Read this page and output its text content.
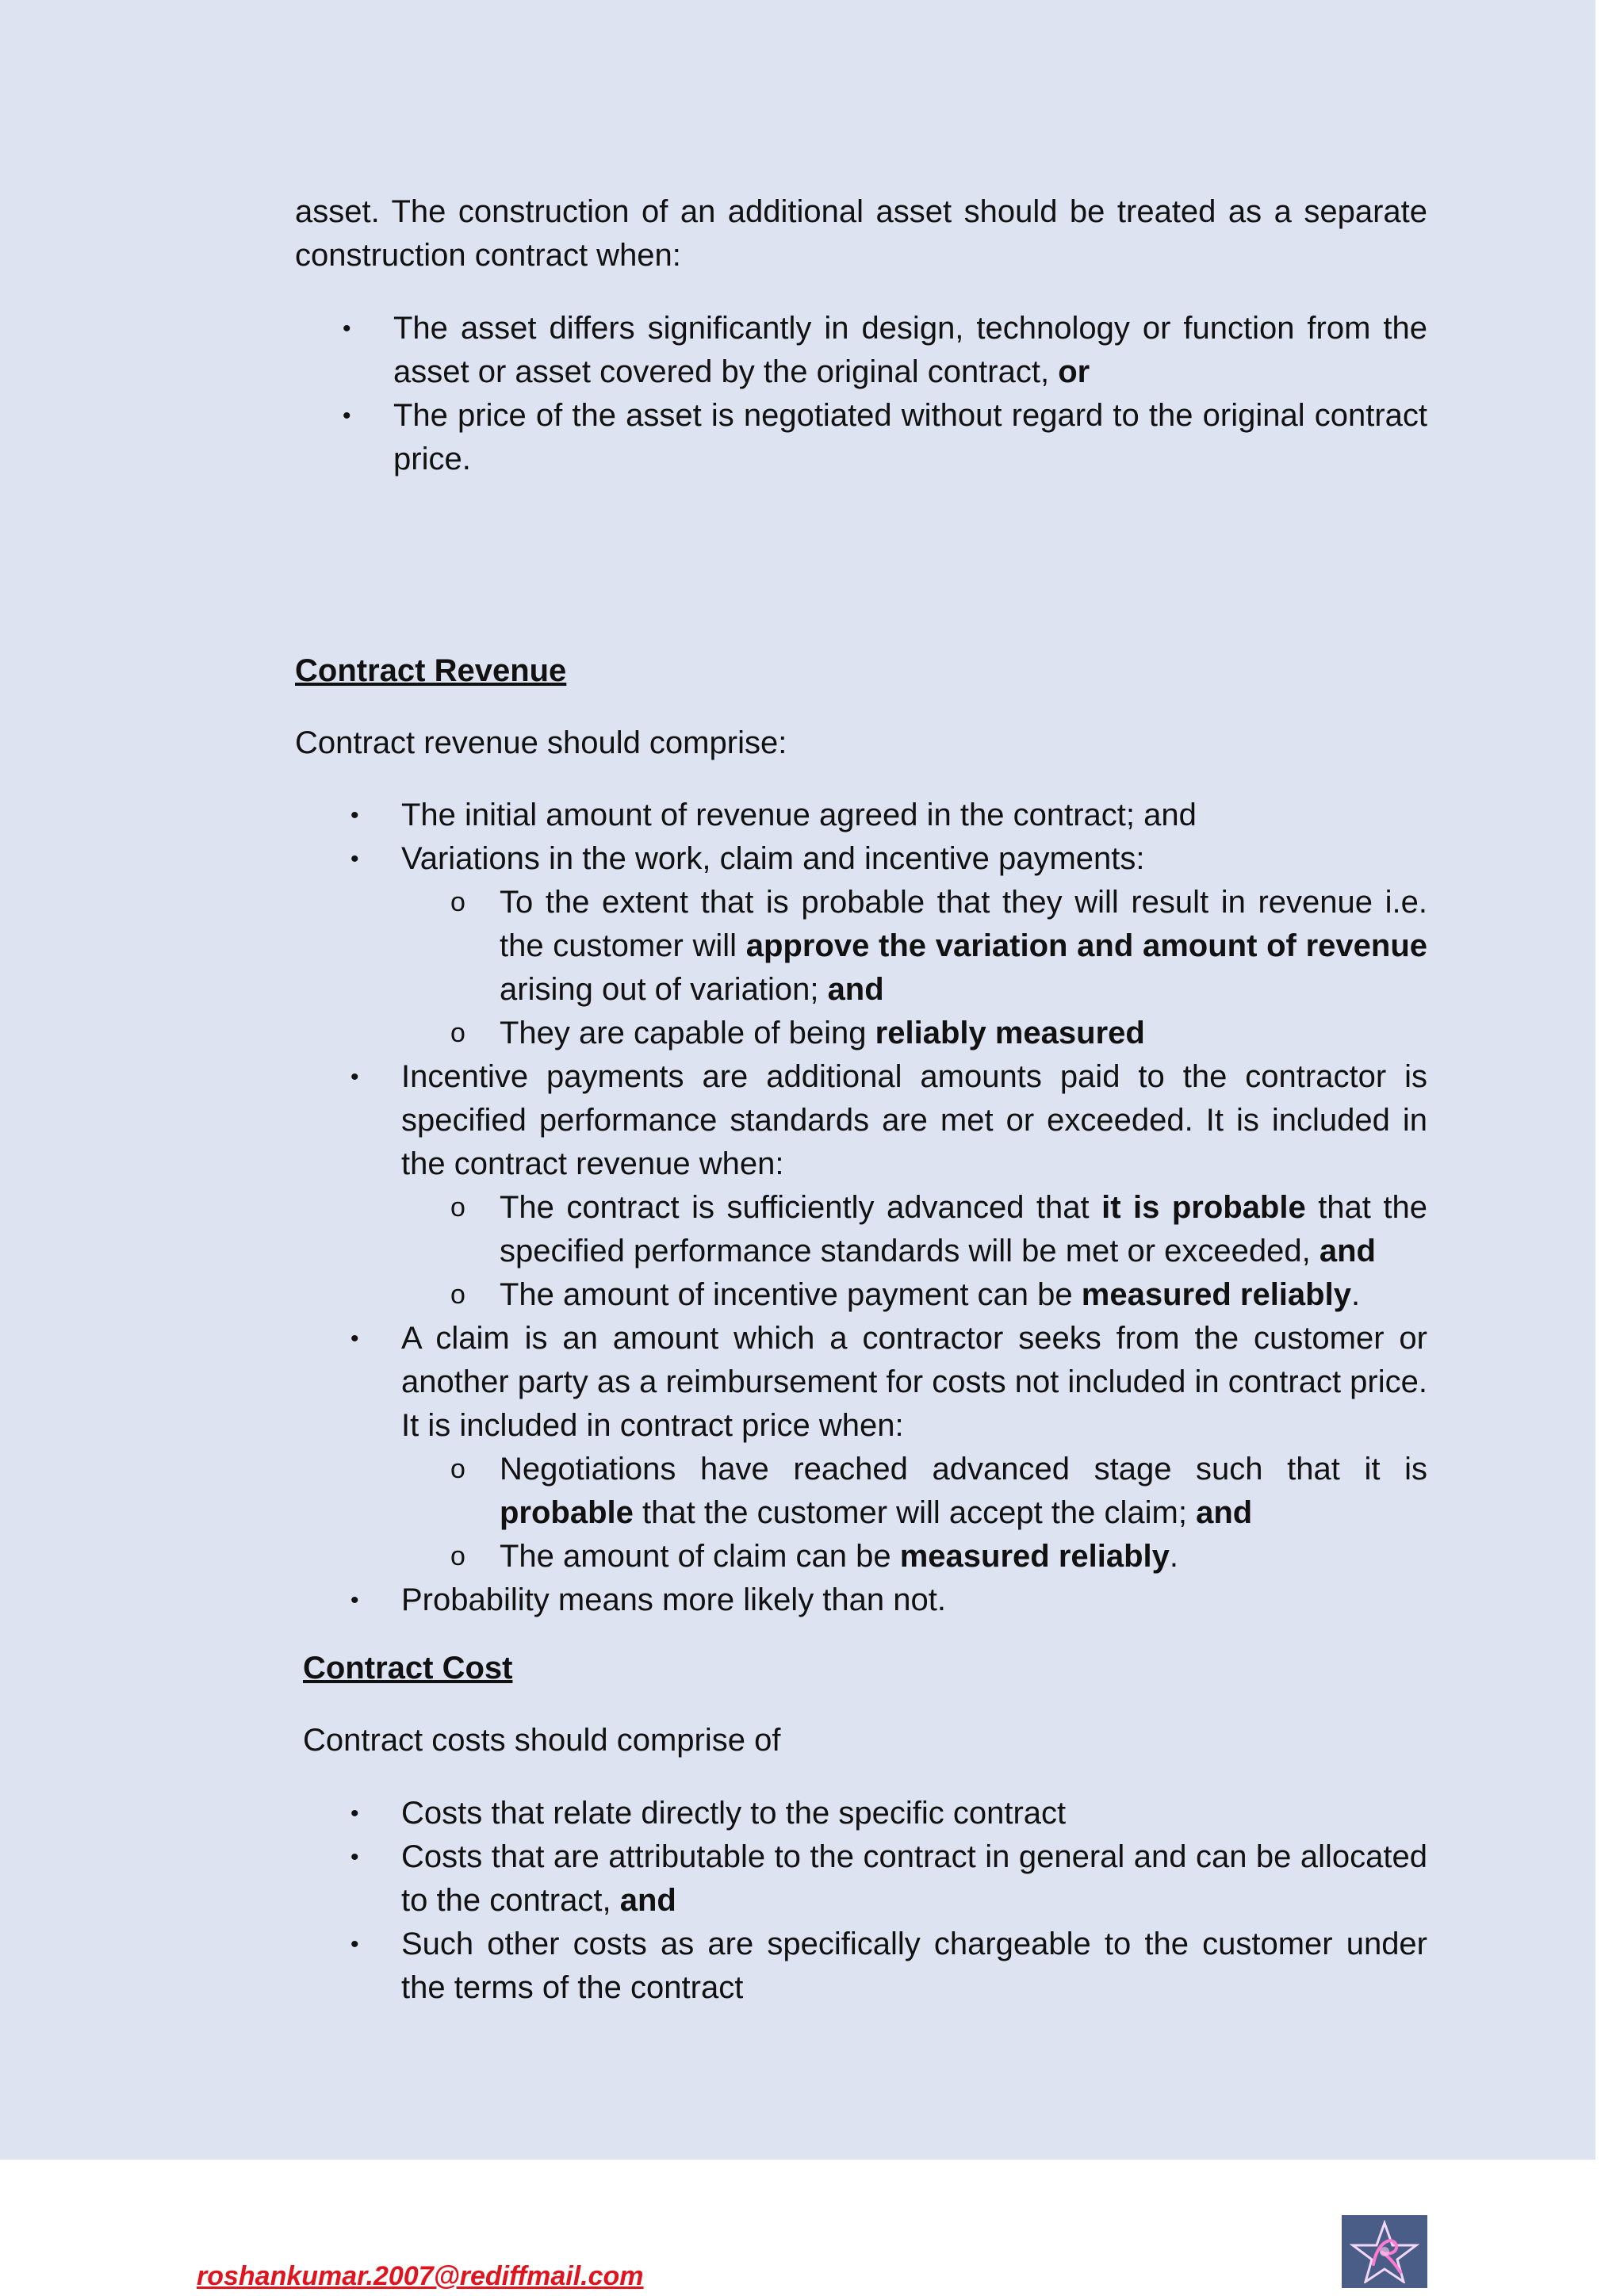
asset. The construction of an additional asset should be treated as a separate construction contract when:

• The asset differs significantly in design, technology or function from the asset or asset covered by the original contract, or
• The price of the asset is negotiated without regard to the original contract price.
Contract Revenue

Contract revenue should comprise:

• The initial amount of revenue agreed in the contract; and
• Variations in the work, claim and incentive payments:
o To the extent that is probable that they will result in revenue i.e. the customer will approve the variation and amount of revenue arising out of variation; and
o They are capable of being reliably measured
• Incentive payments are additional amounts paid to the contractor is specified performance standards are met or exceeded. It is included in the contract revenue when:
o The contract is sufficiently advanced that it is probable that the specified performance standards will be met or exceeded, and
o The amount of incentive payment can be measured reliably.
• A claim is an amount which a contractor seeks from the customer or another party as a reimbursement for costs not included in contract price. It is included in contract price when:
o Negotiations have reached advanced stage such that it is probable that the customer will accept the claim; and
o The amount of claim can be measured reliably.
• Probability means more likely than not.
Contract Cost

Contract costs should comprise of

• Costs that relate directly to the specific contract
• Costs that are attributable to the contract in general and can be allocated to the contract, and
• Such other costs as are specifically chargeable to the customer under the terms of the contract
roshankumar.2007@rediffmail.com
